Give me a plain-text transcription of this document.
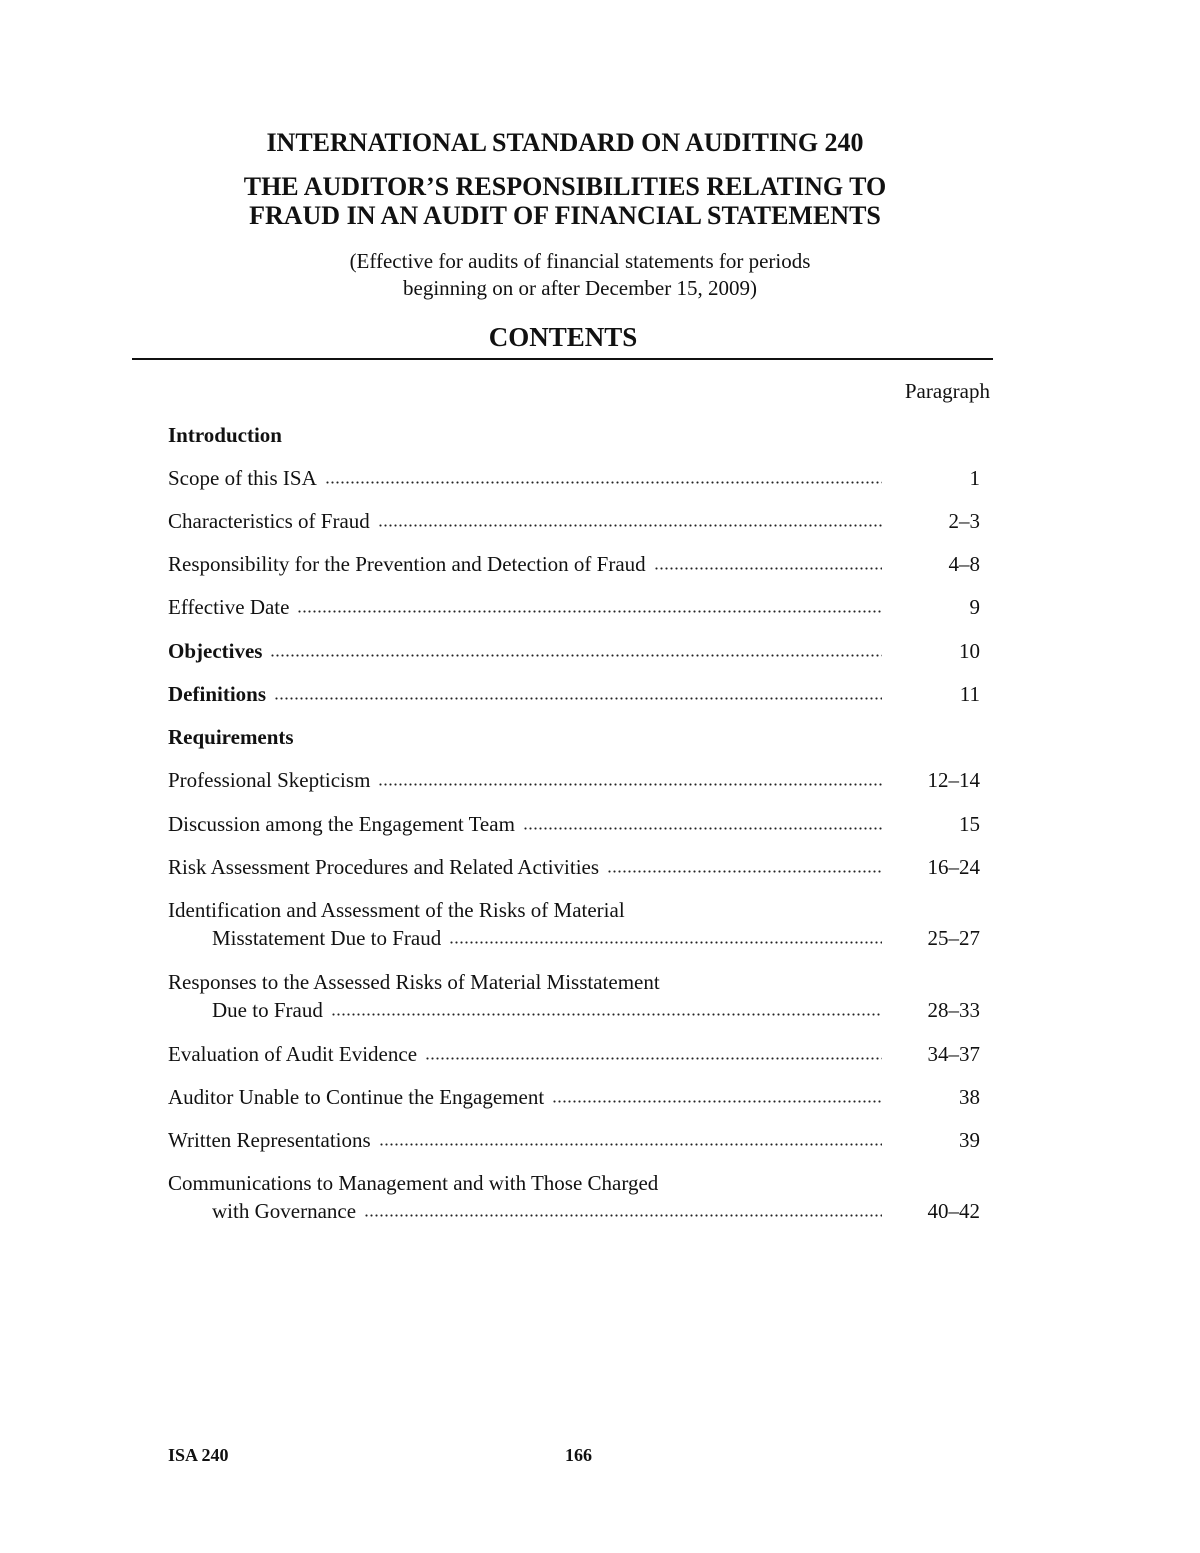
INTERNATIONAL STANDARD ON AUDITING 240
THE AUDITOR’S RESPONSIBILITIES RELATING TO
FRAUD IN AN AUDIT OF FINANCIAL STATEMENTS
(Effective for audits of financial statements for periods
beginning on or after December 15, 2009)
CONTENTS
Paragraph
Introduction
Scope of this ISA	1
Characteristics of Fraud	2–3
Responsibility for the Prevention and Detection of Fraud	4–8
Effective Date	9
Objectives	10
Definitions	11
Requirements
Professional Skepticism	12–14
Discussion among the Engagement Team	15
Risk Assessment Procedures and Related Activities	16–24
Identification and Assessment of the Risks of Material
Misstatement Due to Fraud	25–27
Responses to the Assessed Risks of Material Misstatement
Due to Fraud	28–33
Evaluation of Audit Evidence	34–37
Auditor Unable to Continue the Engagement	38
Written Representations	39
Communications to Management and with Those Charged
with Governance	40–42
ISA 240	166
